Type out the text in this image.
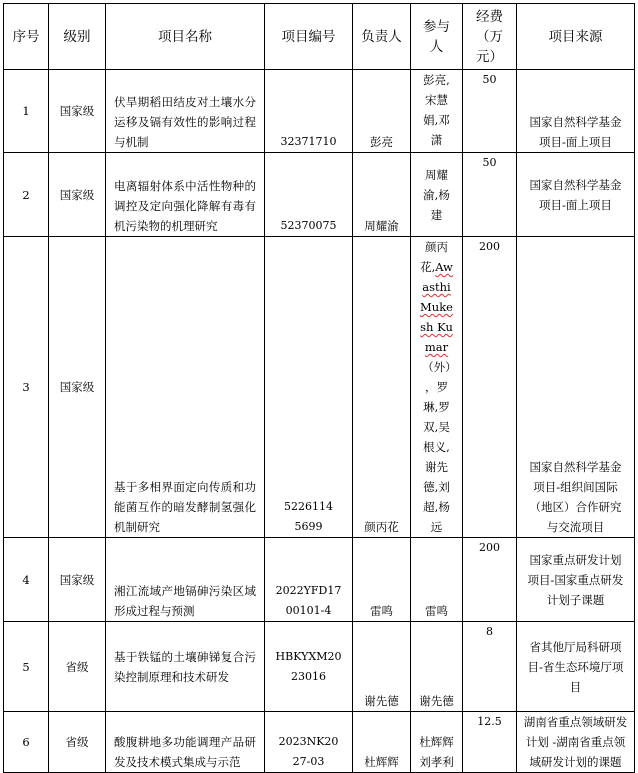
序号	级别	项目名称	项目编号	负责人	参与人	经费（万元）	项目来源
1	国家级	伏旱期稻田结皮对土壤水分运移及镉有效性的影响过程与机制	32371710	彭亮	彭亮,宋慧娟,邓潇	50	国家自然科学基金项目-面上项目
2	国家级	电离辐射体系中活性物种的调控及定向强化降解有毒有机污染物的机理研究	52370075	周耀渝	周耀渝,杨建	50	国家自然科学基金项目-面上项目
3	国家级	基于多相界面定向传质和功能菌互作的暗发酵制氢强化机制研究	52261145699	颜丙花	颜丙花,Awasthi Mukesh Kumar（外），罗琳,罗双,吴根义,谢先德,刘超,杨远	200	国家自然科学基金项目-组织间国际（地区）合作研究与交流项目
4	国家级	湘江流域产地镉砷污染区域形成过程与预测	2022YFD1700101-4	雷鸣	雷鸣	200	国家重点研发计划项目-国家重点研发计划子课题
5	省级	基于铁锰的土壤砷锑复合污染控制原理和技术研发	HBKYXM2023016	谢先德	谢先德	8	省其他厅局科研项目-省生态环境厅项目
6	省级	酸腹耕地多功能调理产品研发及技术模式集成与示范	2023NK2027-03	杜辉辉	杜辉辉刘孝利	12.5	湖南省重点领域研发计划 -湖南省重点领域研发计划的课题
